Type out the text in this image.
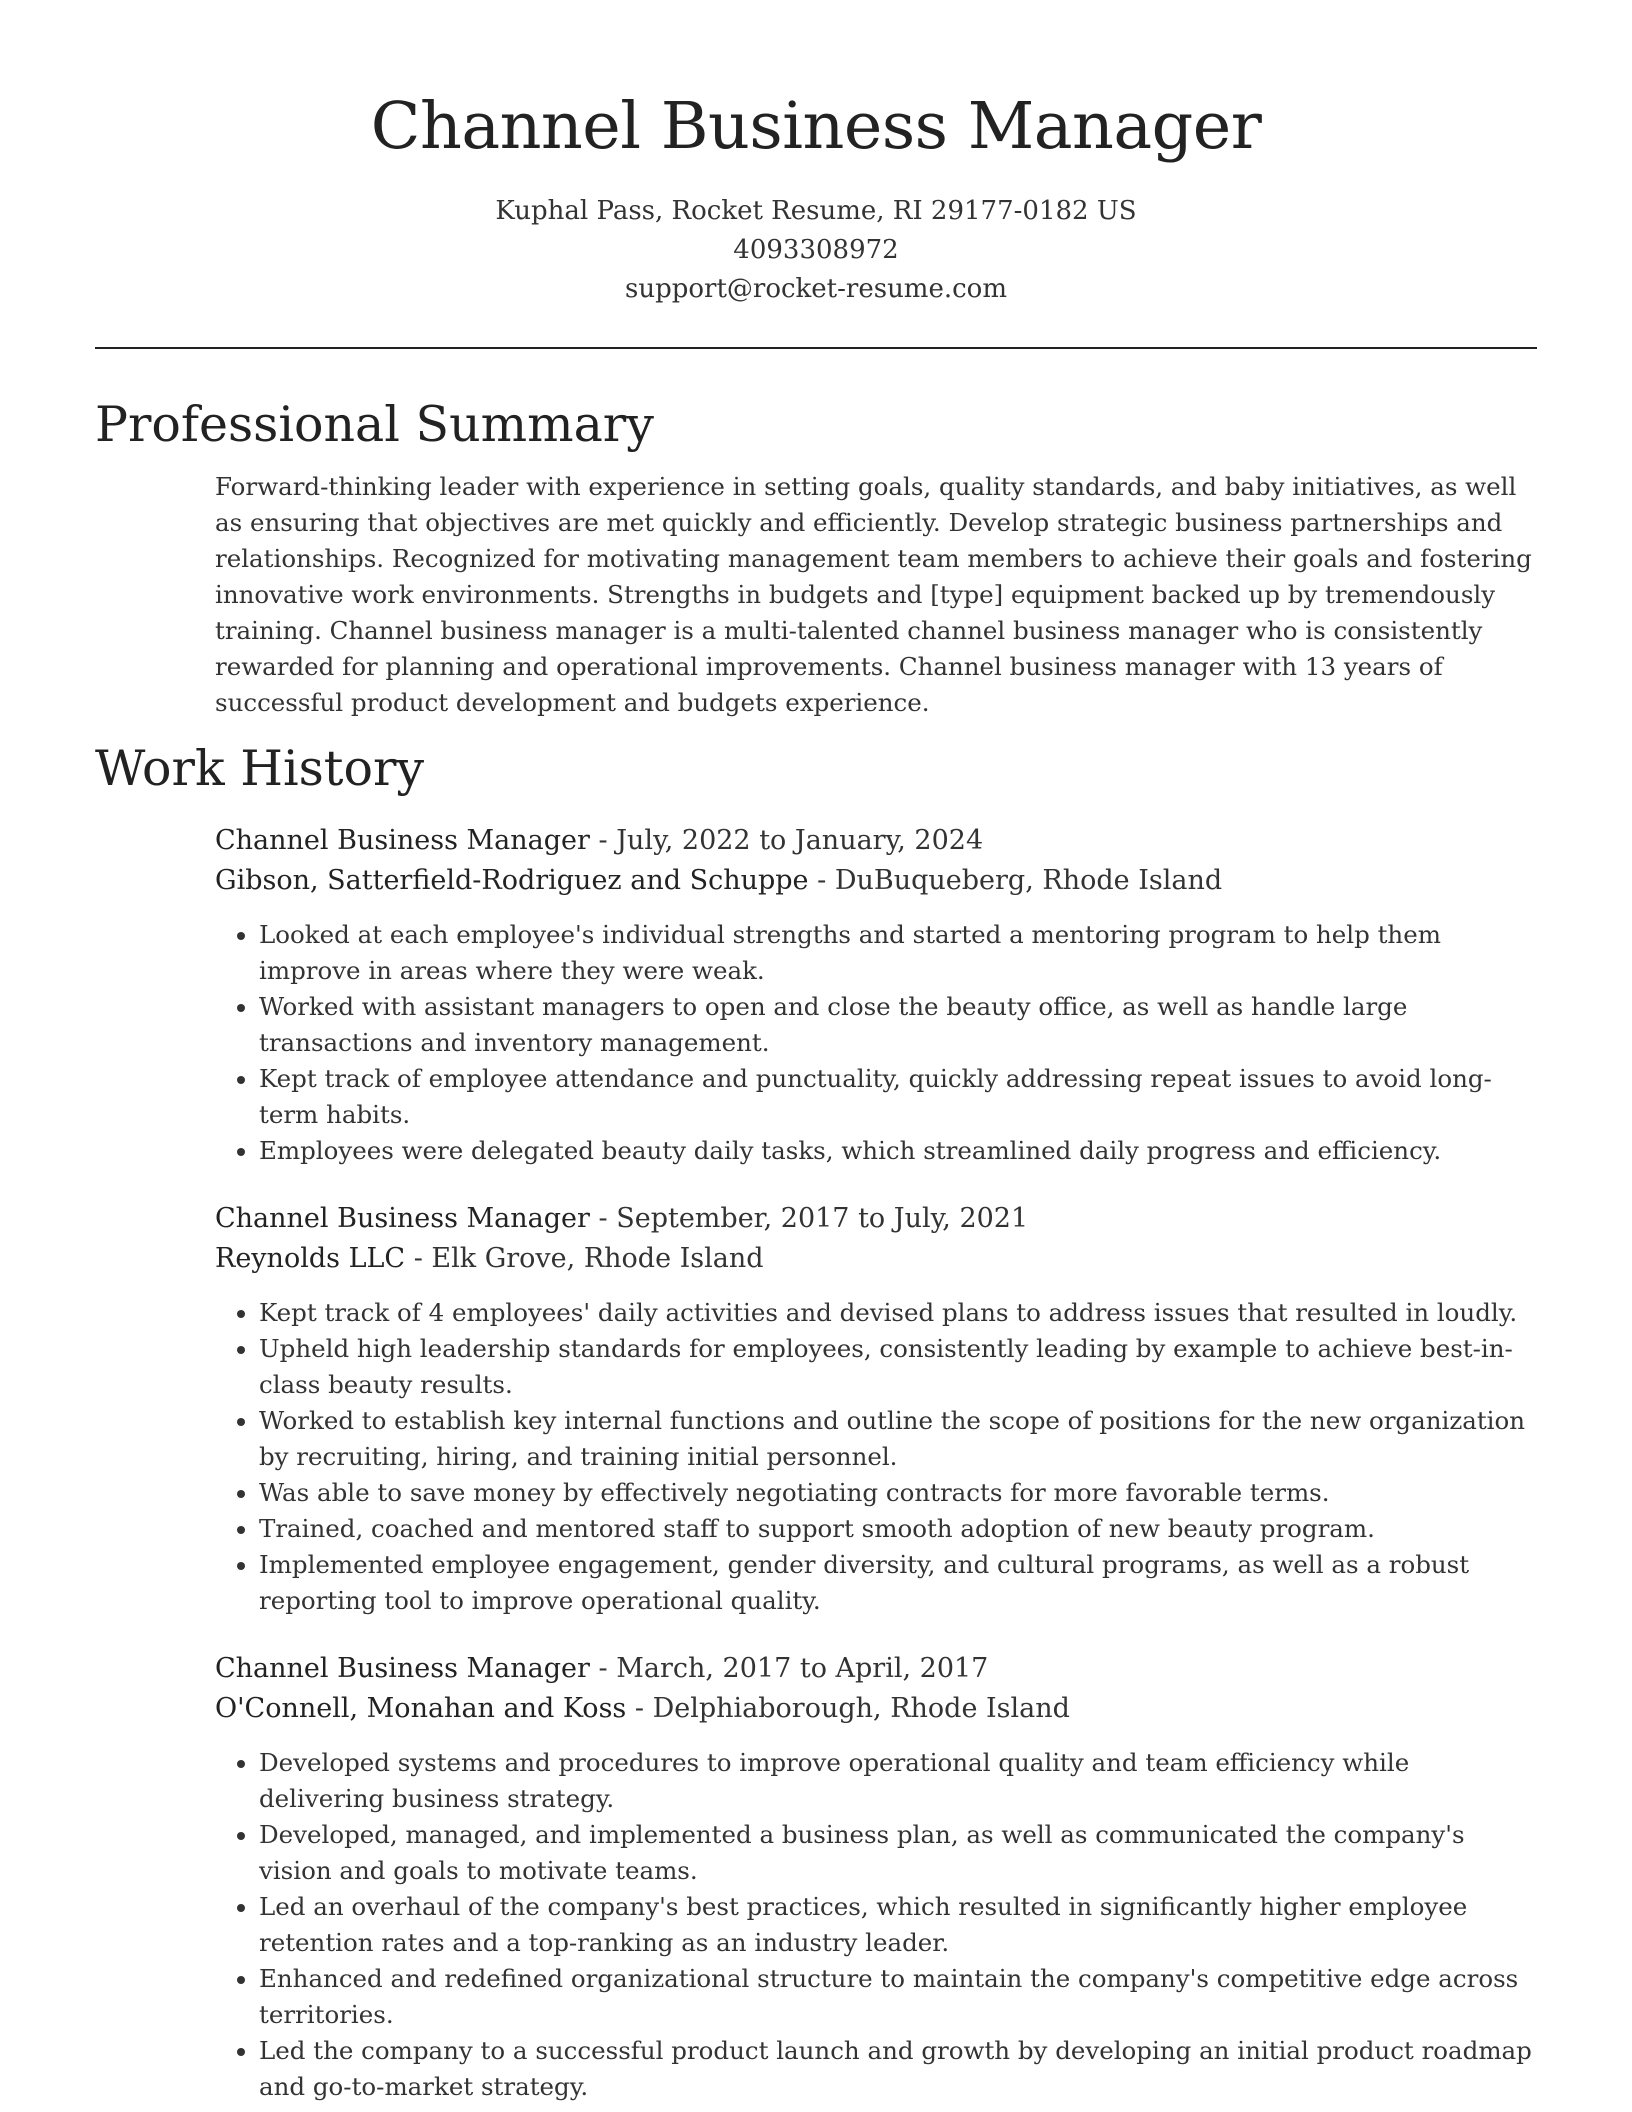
Channel Business Manager
Kuphal Pass, Rocket Resume, RI 29177-0182 US
4093308972
support@rocket-resume.com
Professional Summary
Forward-thinking leader with experience in setting goals, quality standards, and baby initiatives, as well as ensuring that objectives are met quickly and efficiently. Develop strategic business partnerships and relationships. Recognized for motivating management team members to achieve their goals and fostering innovative work environments. Strengths in budgets and [type] equipment backed up by tremendously training. Channel business manager is a multi-talented channel business manager who is consistently rewarded for planning and operational improvements. Channel business manager with 13 years of successful product development and budgets experience.
Work History
Channel Business Manager - July, 2022 to January, 2024
Gibson, Satterfield-Rodriguez and Schuppe - DuBuqueberg, Rhode Island
• Looked at each employee's individual strengths and started a mentoring program to help them improve in areas where they were weak.
• Worked with assistant managers to open and close the beauty office, as well as handle large transactions and inventory management.
• Kept track of employee attendance and punctuality, quickly addressing repeat issues to avoid long-term habits.
• Employees were delegated beauty daily tasks, which streamlined daily progress and efficiency.
Channel Business Manager - September, 2017 to July, 2021
Reynolds LLC - Elk Grove, Rhode Island
• Kept track of 4 employees' daily activities and devised plans to address issues that resulted in loudly.
• Upheld high leadership standards for employees, consistently leading by example to achieve best-in-class beauty results.
• Worked to establish key internal functions and outline the scope of positions for the new organization by recruiting, hiring, and training initial personnel.
• Was able to save money by effectively negotiating contracts for more favorable terms.
• Trained, coached and mentored staff to support smooth adoption of new beauty program.
• Implemented employee engagement, gender diversity, and cultural programs, as well as a robust reporting tool to improve operational quality.
Channel Business Manager - March, 2017 to April, 2017
O'Connell, Monahan and Koss - Delphiaborough, Rhode Island
• Developed systems and procedures to improve operational quality and team efficiency while delivering business strategy.
• Developed, managed, and implemented a business plan, as well as communicated the company's vision and goals to motivate teams.
• Led an overhaul of the company's best practices, which resulted in significantly higher employee retention rates and a top-ranking as an industry leader.
• Enhanced and redefined organizational structure to maintain the company's competitive edge across territories.
• Led the company to a successful product launch and growth by developing an initial product roadmap and go-to-market strategy.
